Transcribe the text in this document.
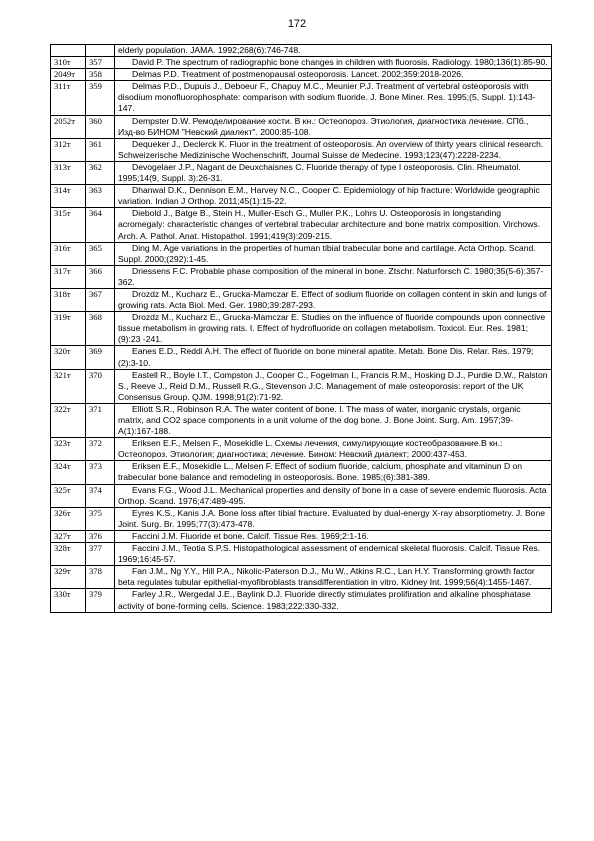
172
		elderly population. JAMA. 1992;268(6):746-748.
310т	357	David P. The spectrum of radiographic bone changes in children with fluorosis. Radiology. 1980;136(1):85-90.
2049т	358	Delmas P.D. Treatment of postmenopausal osteoporosis. Lancet. 2002;359:2018-2026.
311т	359	Delmas P.D., Dupuis J., Deboeur F., Chapuy M.C., Meunier P.J. Treatment of vertebral osteoporosis with disodium monofluorophosphate: comparison with sodium fluoride. J. Bone Miner. Res. 1995;(5, Suppl. 1):143-147.
2052т	360	Dempster D.W. Ремоделирование кости. В кн.: Остеопороз. Этиология, диагностика лечение. СПб., Изд-во БИНОМ "Невский диалект". 2000:85-108.
312т	361	Dequeker J., Declerck K. Fluor in the treatment of osteoporosis. An overview of thirty years clinical research. Schweizerische Medizinische Wochenschrift, Journal Suisse de Medecine. 1993;123(47):2228-2234.
313т	362	Devogelaer J.P., Nagant de Deuxchaisnes C. Fluoride therapy of type I osteoporosis. Clin. Rheumatol. 1995;14(9, Suppl. 3):26-31.
314т	363	Dhanwal D.K., Dennison E.M., Harvey N.C., Cooper C. Epidemiology of hip fracture: Worldwide geographic variation. Indian J Orthop. 2011;45(1):15-22.
315т	364	Diebold J., Batge B., Stein H., Muller-Esch G., Muller P.K., Lohrs U. Osteoporosis in longstanding acromegaly: characteristic changes of vertebral trabecular architecture and bone matrix composition. Virchows. Arch. A. Pathol. Anat. Histopathol. 1991;419(3):209-215.
316т	365	Ding M. Age variations in the properties of human tibial trabecular bone and cartilage. Acta Orthop. Scand. Suppl. 2000;(292):1-45.
317т	366	Driessens F.C. Probable phase composition of the mineral in bone. Ztschr. Naturforsch C. 1980;35(5-6):357-362.
318т	367	Drozdz M., Kucharz E., Grucka-Mamczar E. Effect of sodium fluoride on collagen content in skin and lungs of growing rats. Acta Biol. Med. Ger. 1980;39:287-293.
319т	368	Drozdz M., Kucharz E., Grucka-Mamczar E. Studies on the influence of fluoride compounds upon connective tissue metabolism in growing rats. I. Effect of hydrofluoride on collagen metabolism. Toxicol. Eur. Res. 1981;(9):23 -241.
320т	369	Eanes E.D., Reddi A.H. The effect of fluoride on bone mineral apatite. Metab. Bone Dis. Relar. Res. 1979;(2):3-10.
321т	370	Eastell R., Boyle I.T., Compston J., Cooper C., Fogelman I., Francis R.M., Hosking D.J., Purdie D.W., Ralston S., Reeve J., Reid D.M., Russell R.G., Stevenson J.C. Management of male osteoporosis: report of the UK Consensus Group. QJM. 1998;91(2):71-92.
322т	371	Elliott S.R., Robinson R.A. The water content of bone. I. The mass of water, inorganic crystals, organic matrix, and CO2 space components in a unit volume of the dog bone. J. Bone Joint. Surg. Am. 1957;39-A(1):167-188.
323т	372	Eriksen E.F., Melsen F., Mosekidle L. Схемы лечения, симулирующие костеобразование.В кн.: Остеопороз. Этиология; диагностика; лечение. Бином: Невский диалект; 2000:437-453.
324т	373	Eriksen E.F., Mosekidle L., Melsen F. Effect of sodium fluoride, calcium, phosphate and vitaminun D on trabecular bone balance and remodeling in osteoporosis. Bone. 1985;(6):381-389.
325т	374	Evans F.G., Wood J.L. Mechanical properties and density of bone in a case of severe endemic fluorosis. Acta Orthop. Scand. 1976;47:489-495.
326т	375	Eyres K.S., Kanis J.A. Bone loss after tibial fracture. Evaluated by dual-energy X-ray absorptiometry. J. Bone Joint. Surg. Br. 1995;77(3):473-478.
327т	376	Faccini J.M. Fluoride et bone. Calcif. Tissue Res. 1969;2:1-16.
328т	377	Faccini J.M., Teotia S.P.S. Histopathological assessment of endemical skeletal fluorosis. Calcif. Tissue Res. 1969;16:45-57.
329т	378	Fan J.M., Ng Y.Y., Hill P.A., Nikolic-Paterson D.J., Mu W., Atkins R.C., Lan H.Y. Transforming growth factor beta regulates tubular epithelial-myofibroblasts transdifferentiation in vitro. Kidney Int. 1999;56(4):1455-1467.
330т	379	Farley J.R., Wergedal J.E., Baylink D.J. Fluoride directly stimulates prolifiration and alkaline phosphatase activity of bone-forming cells. Science. 1983;222:330-332.
